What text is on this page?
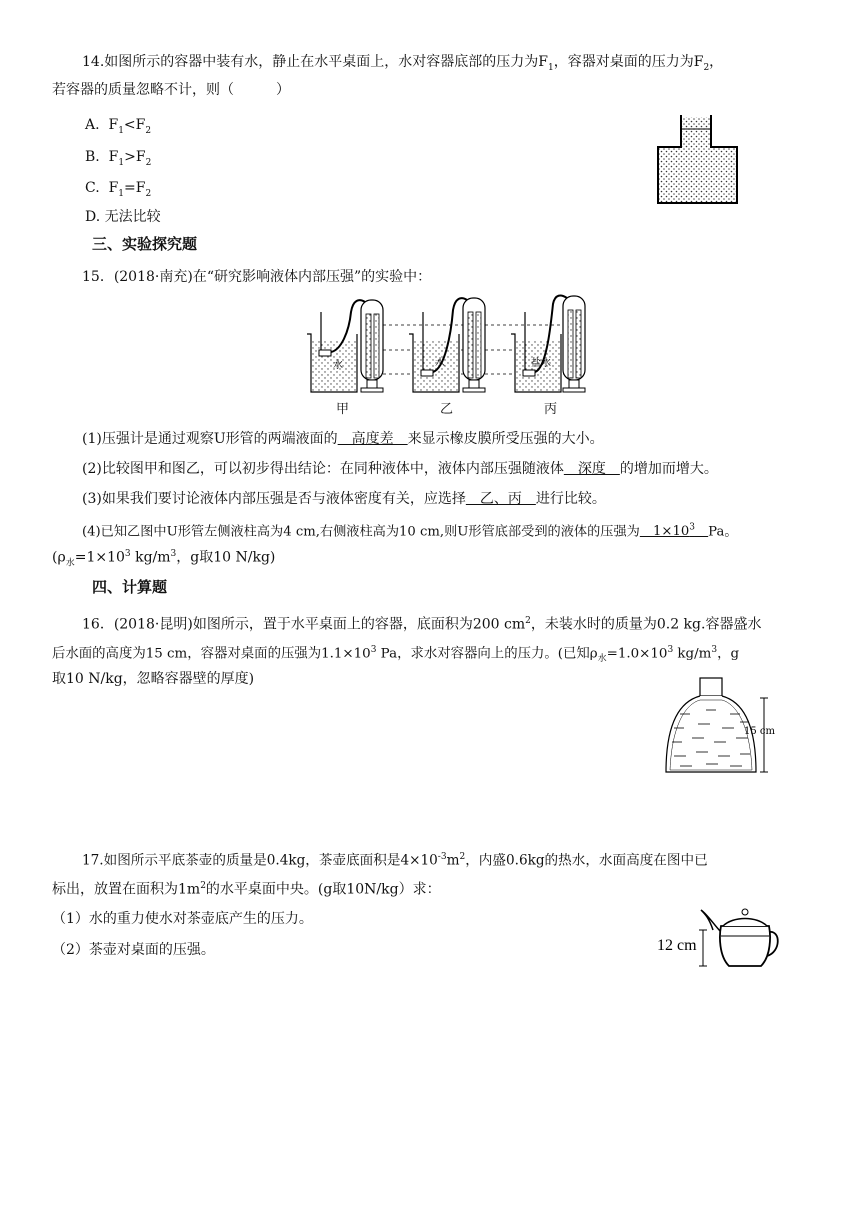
14.如图所示的容器中装有水，静止在水平桌面上，水对容器底部的压力为$F_1$，容器对桌面的压力为$F_2$，
若容器的质量忽略不计，则（　　　）
A. $F_1<F_2$
B. $F_1>F_2$
C. $F_1=F_2$
D. 无法比较
三、实验探究题
15．(2018·南充)在“研究影响液体内部压强”的实验中：
水	水	盐水
甲	乙	丙
(1)压强计是通过观察U形管的两端液面的　高度差　来显示橡皮膜所受压强的大小。
(2)比较图甲和图乙，可以初步得出结论：在同种液体中，液体内部压强随液体　深度　的增加而增大。
(3)如果我们要讨论液体内部压强是否与液体密度有关，应选择　乙、丙　进行比较。
(4)已知乙图中U形管左侧液柱高为4 cm,右侧液柱高为10 cm,则U形管底部受到的液体的压强为　$1\times 10^3$　 Pa。
($\rho_水=1\times 10^3$ $kg/m^3$，g取10 N/kg)
四、计算题
16．(2018·昆明)如图所示，置于水平桌面上的容器，底面积为200 $cm^2$，未装水时的质量为0.2 kg.容器盛水
后水面的高度为15 cm，容器对桌面的压强为$1.1\times 10^3$ Pa，求水对容器向上的压力。(已知$\rho_水=1.0\times 10^3$ $kg/m^3$，g
取10 N/kg，忽略容器壁的厚度)
15 cm
17.如图所示平底茶壶的质量是0.4kg，茶壶底面积是$4\times 10^{-3}m^2$，内盛0.6kg的热水，水面高度在图中已
标出，放置在面积为$1m^2$的水平桌面中央。(g取10N/kg）求：
（1）水的重力使水对茶壶底产生的压力。
（2）茶壶对桌面的压强。	12 cm
